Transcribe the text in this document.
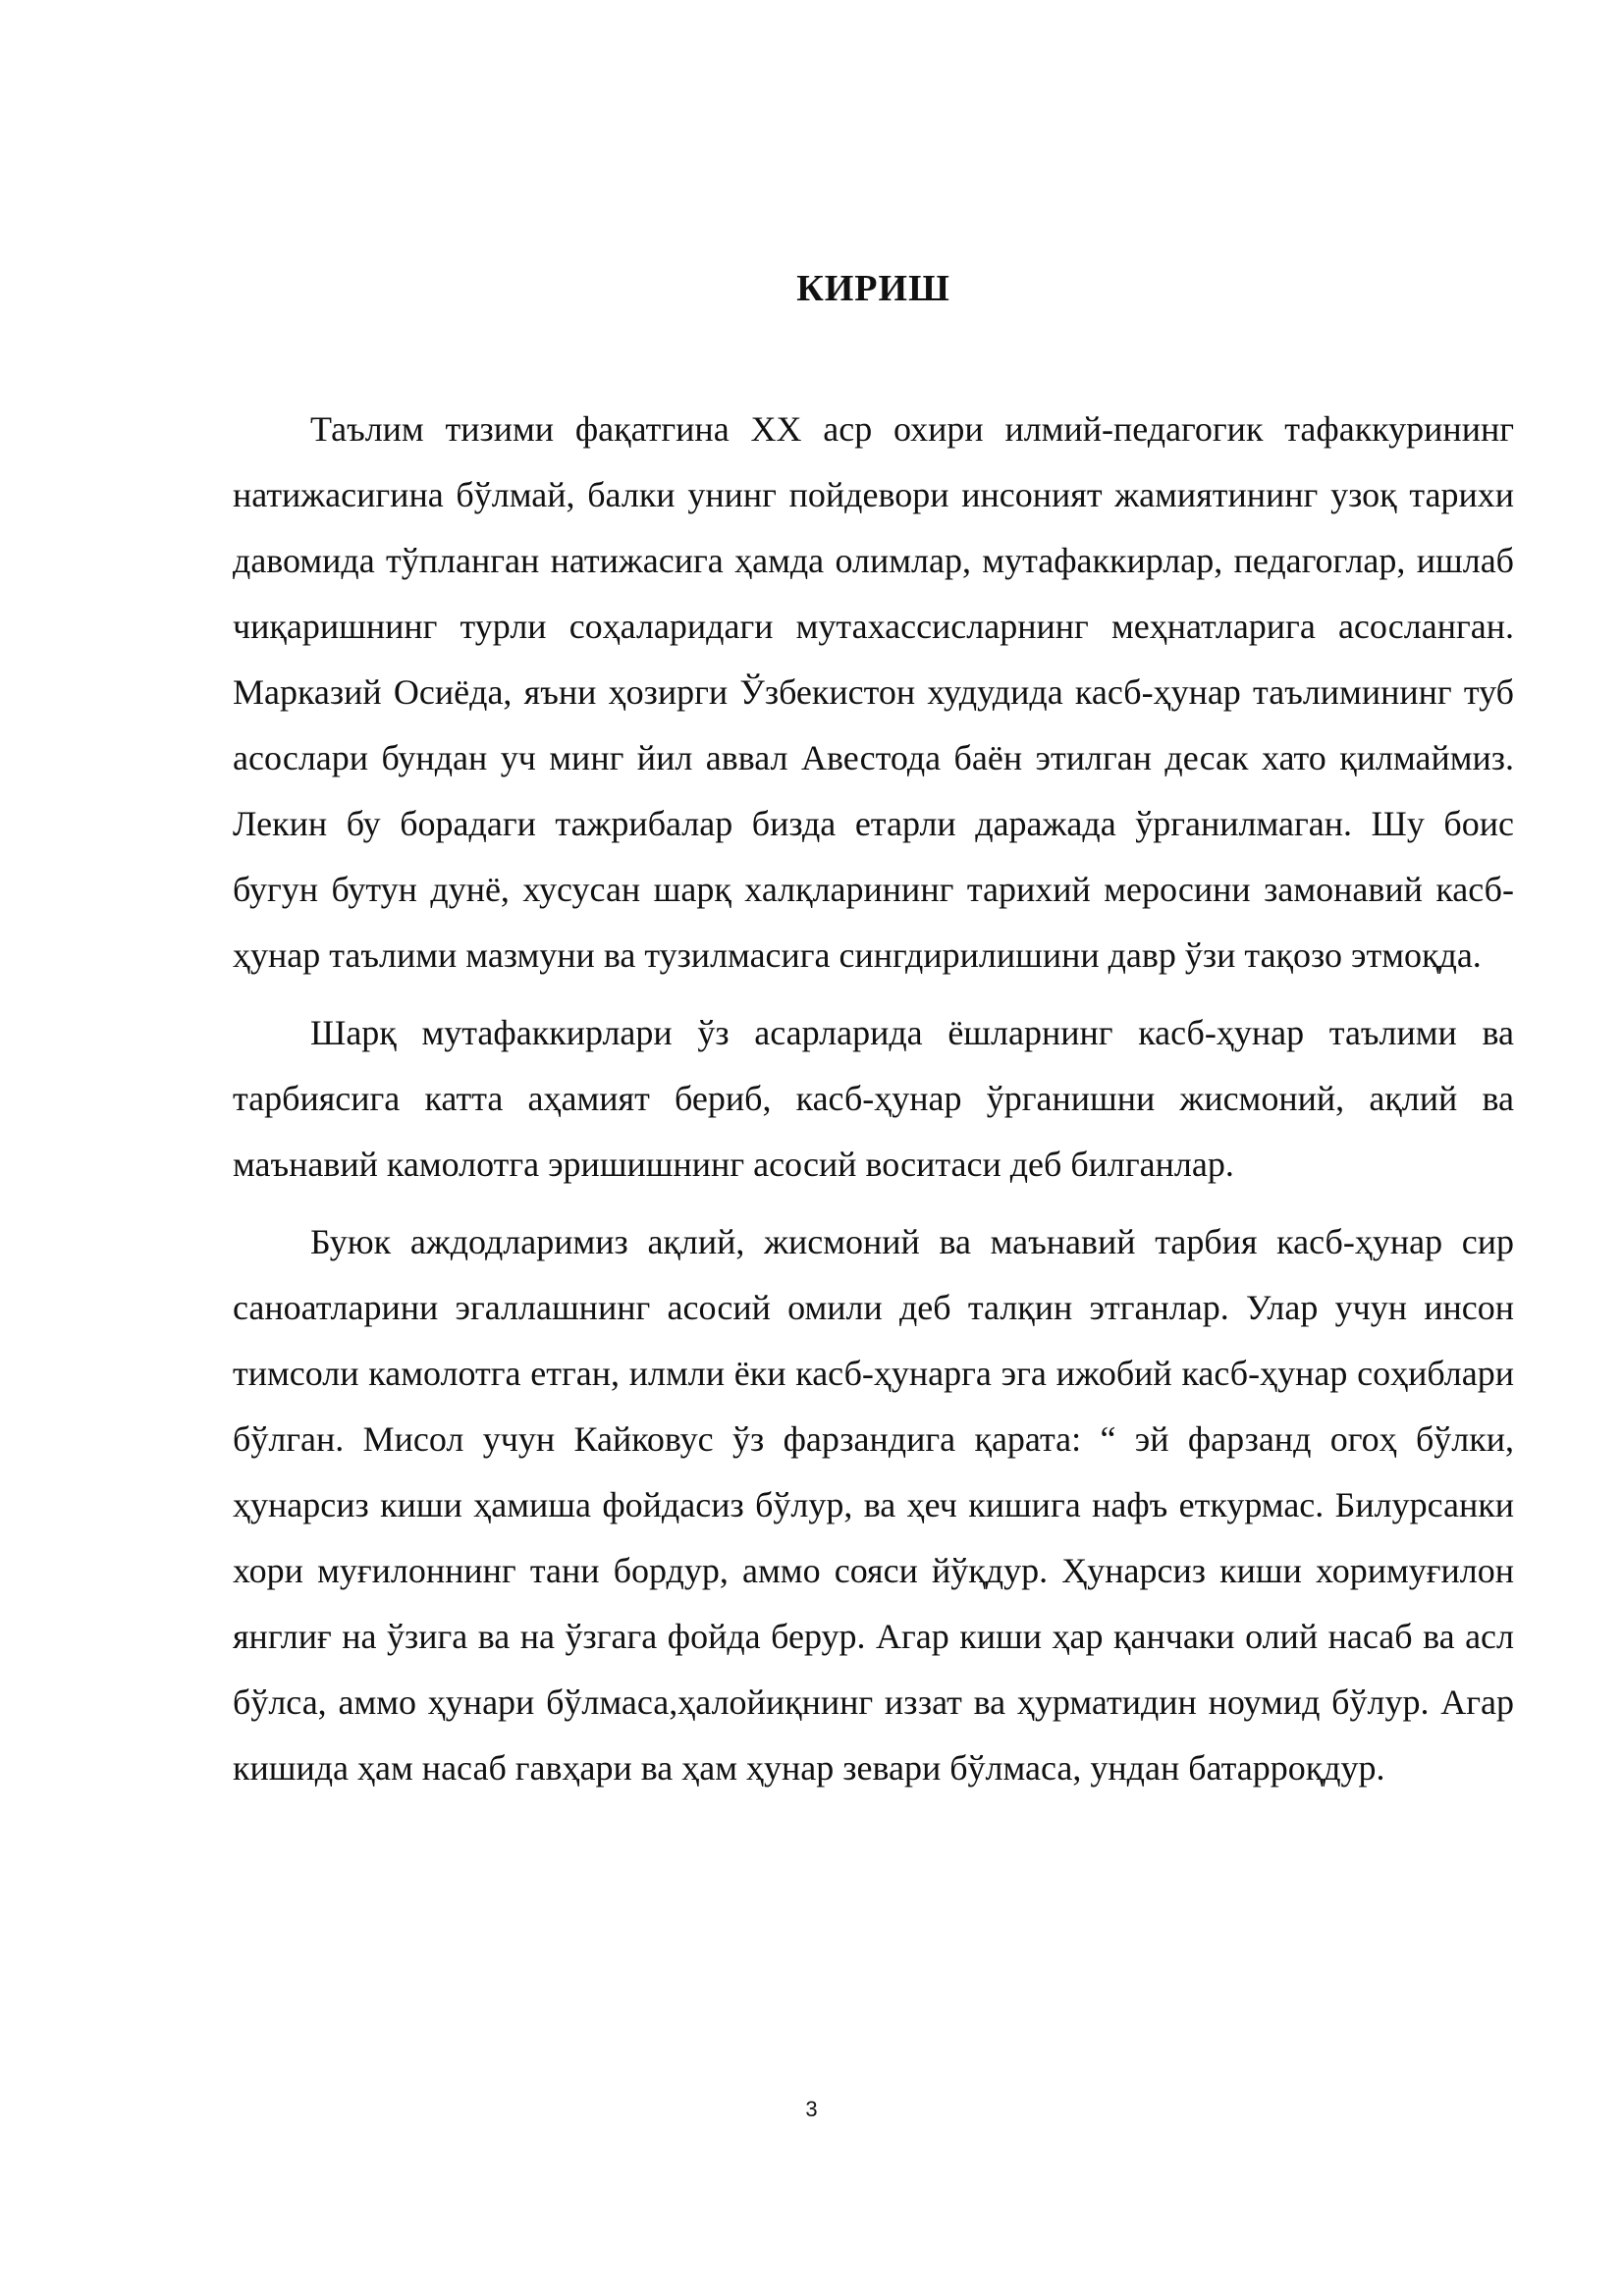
КИРИШ

Таълим тизими фақатгина XX аср охири илмий-педагогик тафаккурининг натижасигина бўлмай, балки унинг пойдевори инсоният жамиятининг узоқ тарихи давомида тўпланган натижасига ҳамда олимлар, мутафаккирлар, педагоглар, ишлаб чиқаришнинг турли соҳаларидаги мутахассисларнинг меҳнатларига асосланган. Марказий Осиёда, яъни ҳозирги Ўзбекистон худудида касб-ҳунар таълимининг туб асослари бундан уч минг йил аввал Авестода баён этилган десак хато қилмаймиз. Лекин бу борадаги тажрибалар бизда етарли даражада ўрганилмаган. Шу боис бугун бутун дунё, хусусан шарқ халқларининг тарихий меросини замонавий касб-ҳунар таълими мазмуни ва тузилмасига сингдирилишини давр ўзи тақозо этмоқда.

Шарқ мутафаккирлари ўз асарларида ёшларнинг касб-ҳунар таълими ва тарбиясига катта аҳамият бериб, касб-ҳунар ўрганишни жисмоний, ақлий ва маънавий камолотга эришишнинг асосий воситаси деб билганлар.

Буюк аждодларимиз ақлий, жисмоний ва маънавий тарбия касб-ҳунар сир саноатларини эгаллашнинг асосий омили деб талқин этганлар. Улар учун инсон тимсоли камолотга етган, илмли ёки касб-ҳунарга эга ижобий касб-ҳунар соҳиблари бўлган. Мисол учун Кайковус ўз фарзандига қарата: “ эй фарзанд огоҳ бўлки, ҳунарсиз киши ҳамиша фойдасиз бўлур, ва ҳеч кишига нафъ еткурмас. Билурсанки хори муғилоннинг тани бордур, аммо сояси йўқдур. Ҳунарсиз киши хоримуғилон янглиғ на ўзига ва на ўзгага фойда берур. Агар киши ҳар қанчаки олий насаб ва асл бўлса, аммо ҳунари бўлмаса,ҳалойиқнинг иззат ва ҳурматидин ноумид бўлур. Агар кишида ҳам насаб гавҳари ва ҳам ҳунар зевари бўлмаса, ундан батарроқдур.

3
